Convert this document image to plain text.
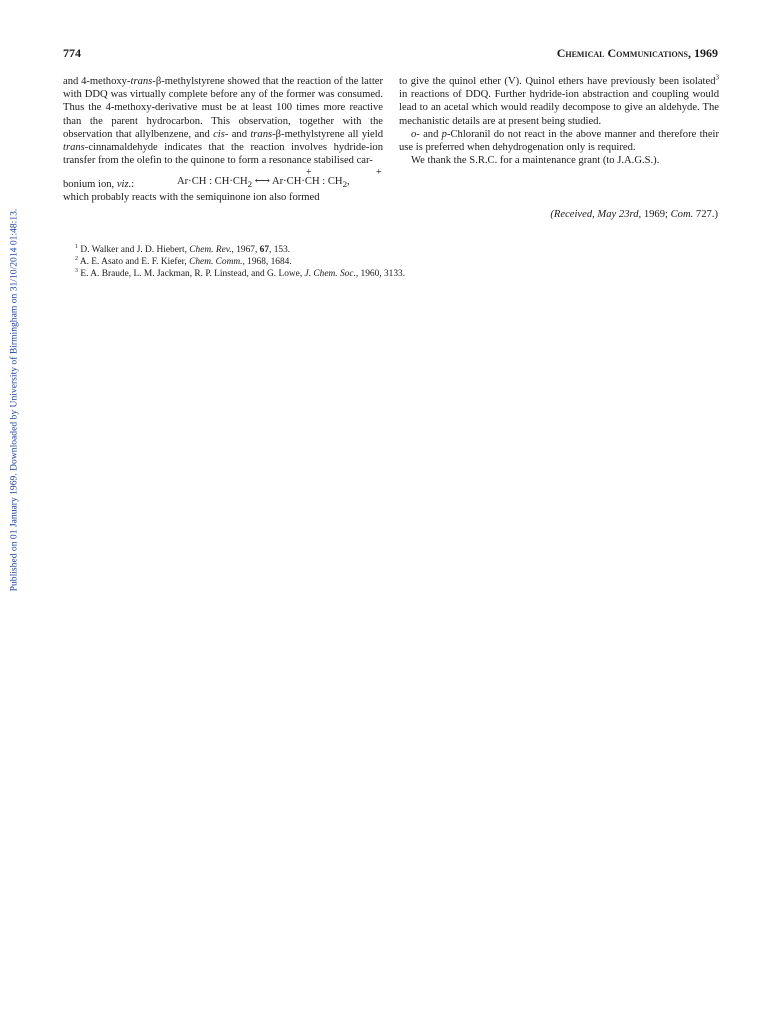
Published on 01 January 1969. Downloaded by University of Birmingham on 31/10/2014 01:48:13.
774	Chemical Communications, 1969

and 4-methoxy-trans-β-methylstyrene showed that the reaction of the latter with DDQ was virtually complete before any of the former was consumed. Thus the 4-methoxy-derivative must be at least 100 times more reactive than the parent hydrocarbon. This observation, together with the observation that allylbenzene, and cis- and trans-β-methylstyrene all yield trans-cinnamaldehyde indicates that the reaction involves hydride-ion transfer from the olefin to the quinone to form a resonance stabilised car-

bonium ion, viz.:
+	+
Ar·CH : $CH\cdot CH_2$ ⟷ Ar·CH·CH : $CH_2$,

which probably reacts with the semiquinone ion also formed

to give the quinol ether (V). Quinol ethers have previously been isolated$^3$ in reactions of DDQ. Further hydride-ion abstraction and coupling would lead to an acetal which would readily decompose to give an aldehyde. The mechanistic details are at present being studied.

o- and p-Chloranil do not react in the above manner and therefore their use is preferred when dehydrogenation only is required.

We thank the S.R.C. for a maintenance grant (to J.A.G.S.).

(Received, May 23rd, 1969; Com. 727.)

$^1$ D. Walker and J. D. Hiebert, Chem. Rev., 1967, 67, 153.

$^2$ A. E. Asato and E. F. Kiefer, Chem. Comm., 1968, 1684.

$^3$ E. A. Braude, L. M. Jackman, R. P. Linstead, and G. Lowe, J. Chem. Soc., 1960, 3133.
